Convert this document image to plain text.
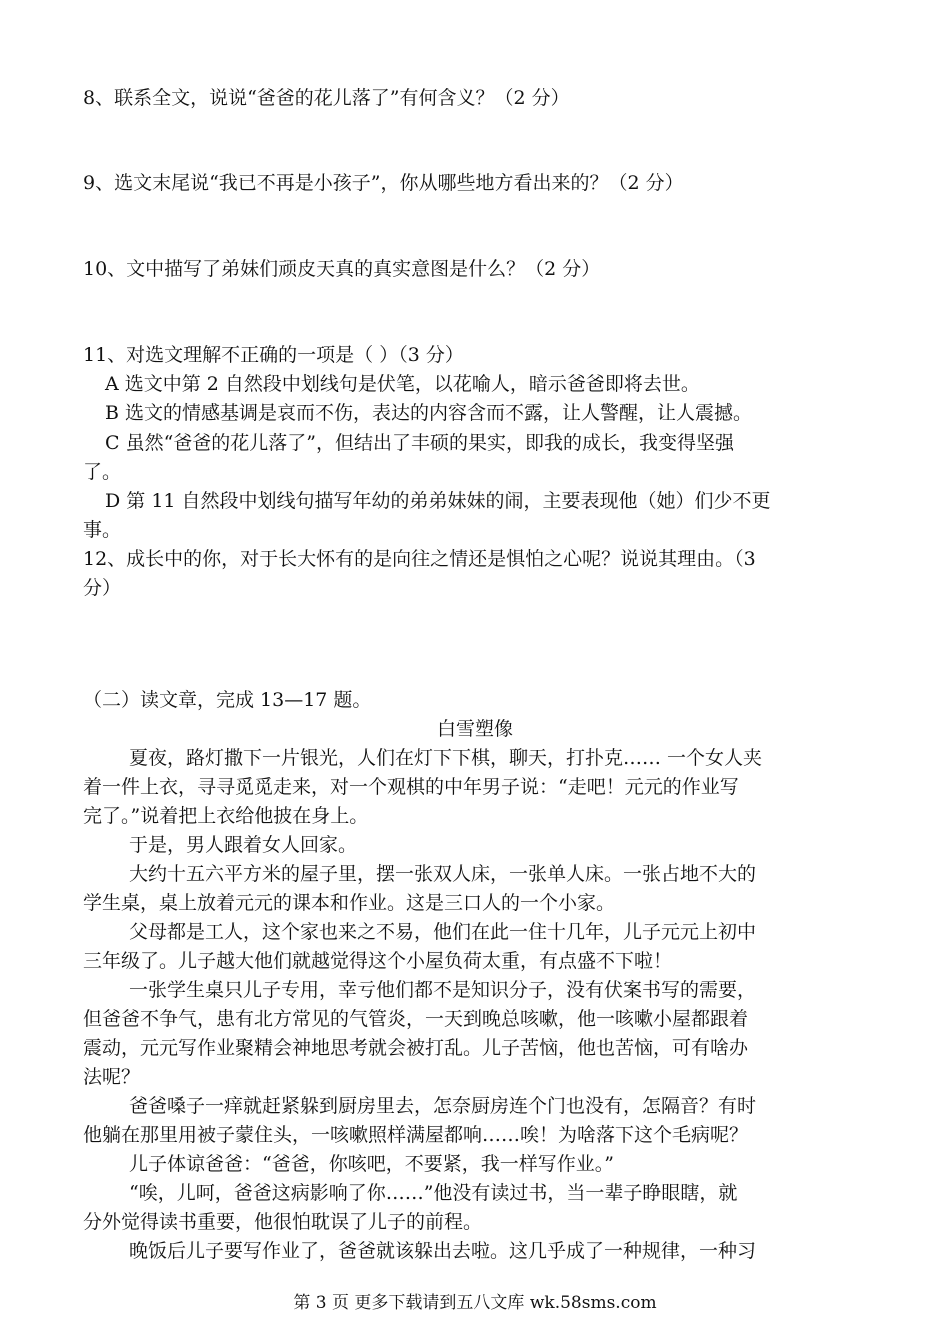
8、联系全文，说说“爸爸的花儿落了”有何含义？（2 分）
9、选文末尾说“我已不再是小孩子”，你从哪些地方看出来的？（2 分）
10、文中描写了弟妹们顽皮天真的真实意图是什么？（2 分）
11、对选文理解不正确的一项是（ ）（3 分）
A 选文中第 2 自然段中划线句是伏笔，以花喻人，暗示爸爸即将去世。
B 选文的情感基调是哀而不伤，表达的内容含而不露，让人警醒，让人震撼。
C 虽然“爸爸的花儿落了”，但结出了丰硕的果实，即我的成长，我变得坚强
了。
D 第 11 自然段中划线句描写年幼的弟弟妹妹的闹，主要表现他（她）们少不更
事。
12、成长中的你，对于长大怀有的是向往之情还是惧怕之心呢？说说其理由。（3
分）
（二）读文章，完成 13—17 题。
白雪塑像
夏夜，路灯撒下一片银光，人们在灯下下棋，聊天，打扑克…… 一个女人夹
着一件上衣，寻寻觅觅走来，对一个观棋的中年男子说：“走吧！元元的作业写
完了。”说着把上衣给他披在身上。
于是，男人跟着女人回家。
大约十五六平方米的屋子里，摆一张双人床，一张单人床。一张占地不大的
学生桌，桌上放着元元的课本和作业。这是三口人的一个小家。
父母都是工人，这个家也来之不易，他们在此一住十几年，儿子元元上初中
三年级了。儿子越大他们就越觉得这个小屋负荷太重，有点盛不下啦！
一张学生桌只儿子专用，幸亏他们都不是知识分子，没有伏案书写的需要，
但爸爸不争气，患有北方常见的气管炎，一天到晚总咳嗽，他一咳嗽小屋都跟着
震动，元元写作业聚精会神地思考就会被打乱。儿子苦恼，他也苦恼，可有啥办
法呢？
爸爸嗓子一痒就赶紧躲到厨房里去，怎奈厨房连个门也没有，怎隔音？有时
他躺在那里用被子蒙住头，一咳嗽照样满屋都响……唉！为啥落下这个毛病呢？
儿子体谅爸爸：“爸爸，你咳吧，不要紧，我一样写作业。”
“唉，儿呵，爸爸这病影响了你……”他没有读过书，当一辈子睁眼瞎，就
分外觉得读书重要，他很怕耽误了儿子的前程。
晚饭后儿子要写作业了，爸爸就该躲出去啦。这几乎成了一种规律，一种习
第 3 页 更多下载请到五八文库 wk.58sms.com
